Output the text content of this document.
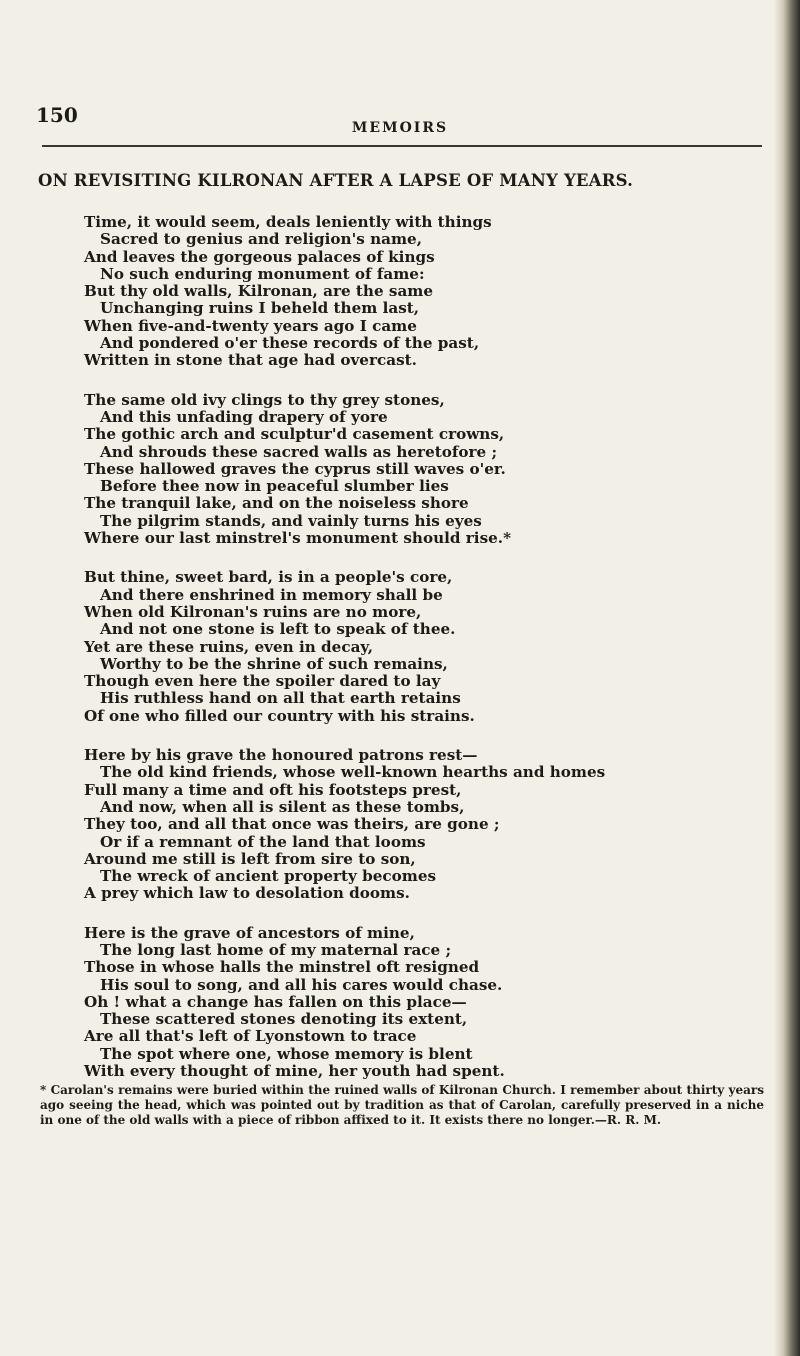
150
MEMOIRS
ON REVISITING KILRONAN AFTER A LAPSE OF MANY YEARS.
Time, it would seem, deals leniently with things
Sacred to genius and religion's name,
And leaves the gorgeous palaces of kings
No such enduring monument of fame:
But thy old walls, Kilronan, are the same
Unchanging ruins I beheld them last,
When five-and-twenty years ago I came
And pondered o'er these records of the past,
Written in stone that age had overcast.
The same old ivy clings to thy grey stones,
And this unfading drapery of yore
The gothic arch and sculptur'd casement crowns,
And shrouds these sacred walls as heretofore ;
These hallowed graves the cyprus still waves o'er.
Before thee now in peaceful slumber lies
The tranquil lake, and on the noiseless shore
The pilgrim stands, and vainly turns his eyes
Where our last minstrel's monument should rise.*
But thine, sweet bard, is in a people's core,
And there enshrined in memory shall be
When old Kilronan's ruins are no more,
And not one stone is left to speak of thee.
Yet are these ruins, even in decay,
Worthy to be the shrine of such remains,
Though even here the spoiler dared to lay
His ruthless hand on all that earth retains
Of one who filled our country with his strains.
Here by his grave the honoured patrons rest—
The old kind friends, whose well-known hearths and homes
Full many a time and oft his footsteps prest,
And now, when all is silent as these tombs,
They too, and all that once was theirs, are gone ;
Or if a remnant of the land that looms
Around me still is left from sire to son,
The wreck of ancient property becomes
A prey which law to desolation dooms.
Here is the grave of ancestors of mine,
The long last home of my maternal race ;
Those in whose halls the minstrel oft resigned
His soul to song, and all his cares would chase.
Oh ! what a change has fallen on this place—
These scattered stones denoting its extent,
Are all that's left of Lyonstown to trace
The spot where one, whose memory is blent
With every thought of mine, her youth had spent.
* Carolan's remains were buried within the ruined walls of Kilronan Church. I remember about thirty years ago seeing the head, which was pointed out by tradition as that of Carolan, carefully preserved in a niche in one of the old walls with a piece of ribbon affixed to it. It exists there no longer.—R. R. M.
